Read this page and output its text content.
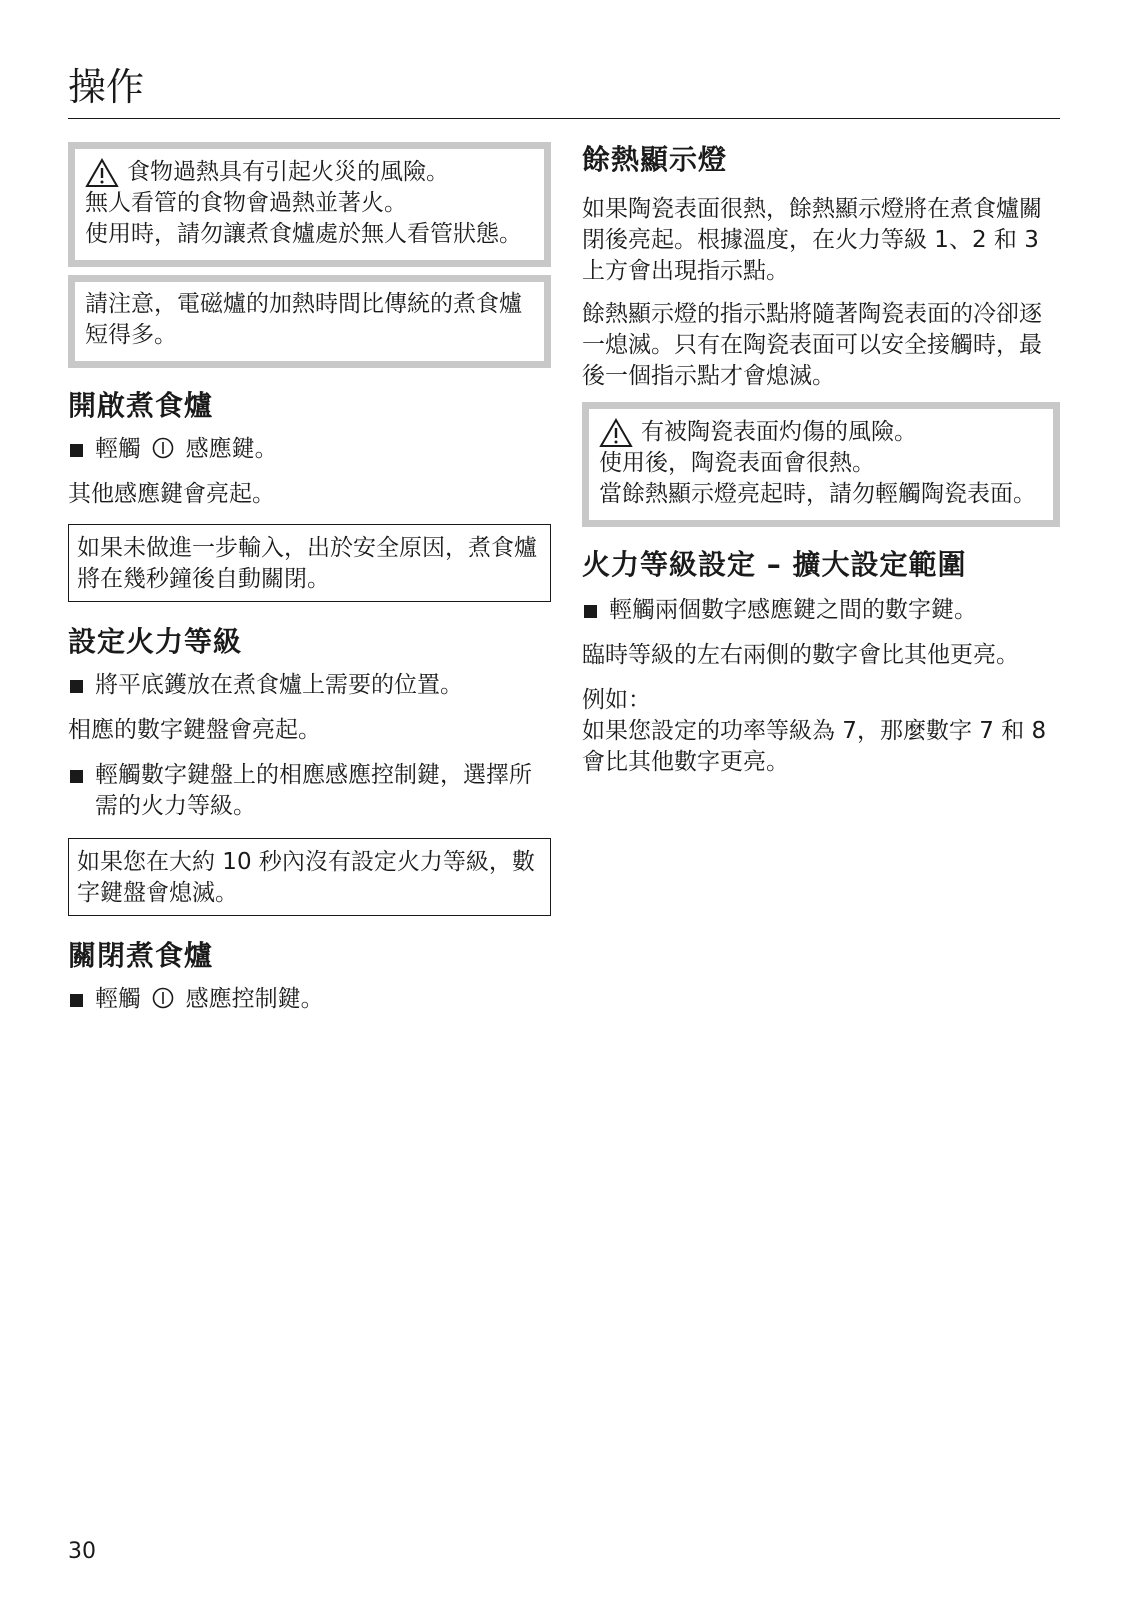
操作
食物過熱具有引起火災的風險。

無人看管的食物會過熱並著火。

使用時，請勿讓煮食爐處於無人看管狀態。

請注意，電磁爐的加熱時間比傳統的煮食爐短得多。

開啟煮食爐
輕觸 感應鍵。

其他感應鍵會亮起。

如果未做進一步輸入，出於安全原因，煮食爐將在幾秒鐘後自動關閉。

設定火力等級
將平底鑊放在煮食爐上需要的位置。

相應的數字鍵盤會亮起。

輕觸數字鍵盤上的相應感應控制鍵，選擇所需的火力等級。

如果您在大約 10 秒內沒有設定火力等級，數字鍵盤會熄滅。

關閉煮食爐
輕觸 感應控制鍵。
餘熱顯示燈

如果陶瓷表面很熱，餘熱顯示燈將在煮食爐關閉後亮起。根據溫度，在火力等級 1、2 和 3 上方會出現指示點。

餘熱顯示燈的指示點將隨著陶瓷表面的冷卻逐一熄滅。只有在陶瓷表面可以安全接觸時，最後一個指示點才會熄滅。

有被陶瓷表面灼傷的風險。

使用後，陶瓷表面會很熱。

當餘熱顯示燈亮起時，請勿輕觸陶瓷表面。

火力等級設定 – 擴大設定範圍
輕觸兩個數字感應鍵之間的數字鍵。

臨時等級的左右兩側的數字會比其他更亮。

例如：

如果您設定的功率等級為 7，那麼數字 7 和 8 會比其他數字更亮。

30
